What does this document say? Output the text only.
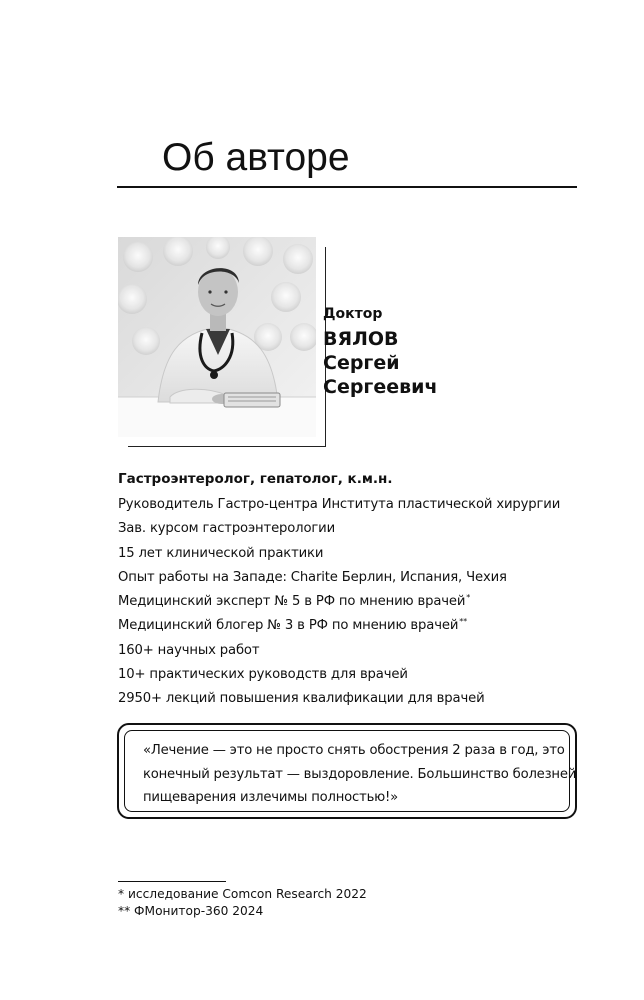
Об авторе
Доктор
ВЯЛОВ
Сергей
Сергеевич
Гастроэнтеролог, гепатолог, к.м.н.
Руководитель Гастро-центра Института пластической хирургии
Зав. курсом гастроэнтерологии
15 лет клинической практики
Опыт работы на Западе: Charite Берлин, Испания, Чехия
Медицинский эксперт № 5 в РФ по мнению врачей*
Медицинский блогер № 3 в РФ по мнению врачей**
160+ научных работ
10+ практических руководств для врачей
2950+ лекций повышения квалификации для врачей

«Лечение — это не просто снять обострения 2 раза в год, это
конечный результат — выздоровление. Большинство болезней
пищеварения излечимы полностью!»

* исследование Comcon Research 2022
** ФМонитор-360 2024
